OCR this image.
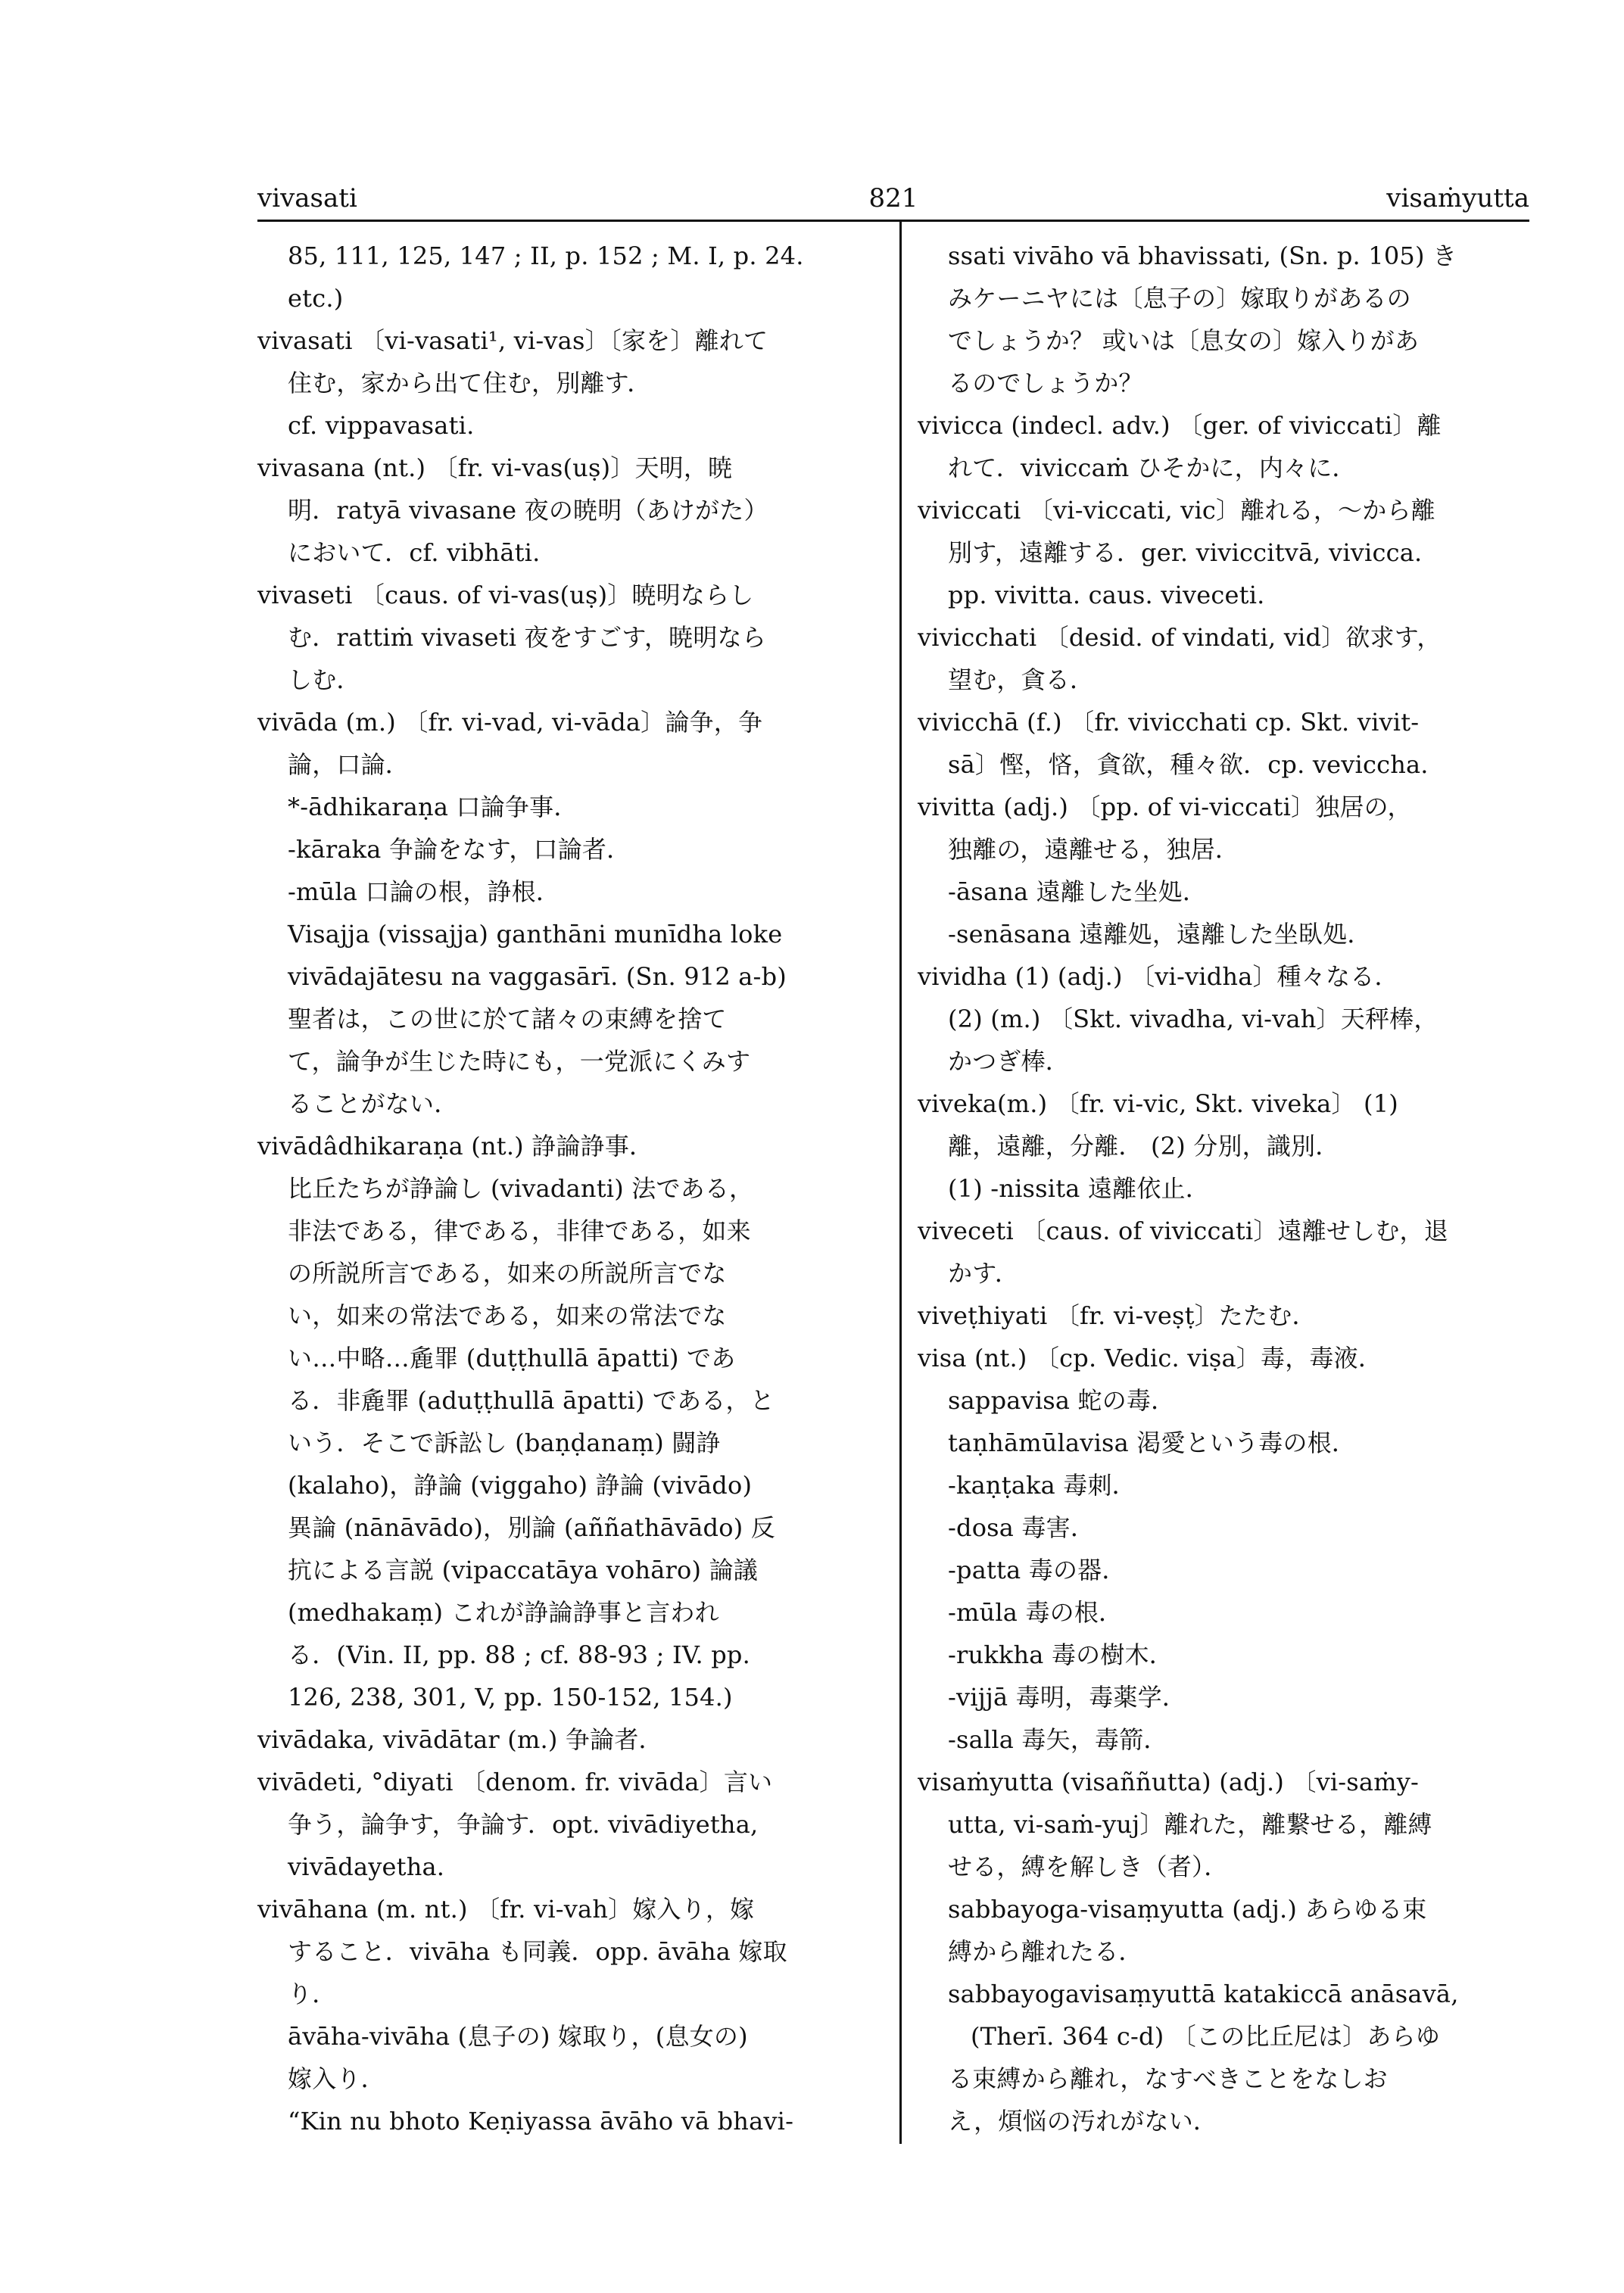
vivasati	821	visaṁyutta
85, 111, 125, 147 ; II, p. 152 ; M. I, p. 24.
etc.)
vivasati 〔vi-vasati¹, vi-vas〕〔家を〕離れて
住む，家から出て住む，別離す．
cf. vippavasati.
vivasana (nt.) 〔fr. vi-vas(uṣ)〕天明，暁
明．ratyā vivasane 夜の暁明（あけがた）
において．cf. vibhāti.
vivaseti 〔caus. of vi-vas(uṣ)〕暁明ならし
む．rattiṁ vivaseti 夜をすごす，暁明なら
しむ．
vivāda (m.) 〔fr. vi-vad, vi-vāda〕論争，争
論，口論．
*-ādhikaraṇa 口論争事．
-kāraka 争論をなす，口論者．
-mūla 口論の根，諍根．
Visajja (vissajja) ganthāni munīdha loke
vivādajātesu na vaggasārī. (Sn. 912 a-b)
聖者は，この世に於て諸々の束縛を捨て
て，論争が生じた時にも，一党派にくみす
ることがない．
vivādâdhikaraṇa (nt.) 諍論諍事．
比丘たちが諍論し (vivadanti) 法である，
非法である，律である，非律である，如来
の所説所言である，如来の所説所言でな
い，如来の常法である，如来の常法でな
い…中略…麁罪 (duṭṭhullā āpatti) であ
る．非麁罪 (aduṭṭhullā āpatti) である，と
いう．そこで訴訟し (baṇḍanaṃ) 闘諍
(kalaho)，諍論 (viggaho) 諍論 (vivādo)
異論 (nānāvādo)，別論 (aññathāvādo) 反
抗による言説 (vipaccatāya vohāro) 論議
(medhakaṃ) これが諍論諍事と言われ
る．(Vin. II, pp. 88 ; cf. 88-93 ; IV. pp.
126, 238, 301, V, pp. 150-152, 154.)
vivādaka, vivādātar (m.) 争論者．
vivādeti, °diyati 〔denom. fr. vivāda〕言い
争う，論争す，争論す．opt. vivādiyetha,
vivādayetha.
vivāhana (m. nt.) 〔fr. vi-vah〕嫁入り，嫁
すること．vivāha も同義．opp. āvāha 嫁取
り．
āvāha-vivāha (息子の) 嫁取り，(息女の)
嫁入り．
“Kin nu bhoto Keṇiyassa āvāho vā bhavi-
ssati vivāho vā bhavissati, (Sn. p. 105) き
みケーニヤには〔息子の〕嫁取りがあるの
でしょうか？ 或いは〔息女の〕嫁入りがあ
るのでしょうか？
vivicca (indecl. adv.) 〔ger. of viviccati〕離
れて．viviccaṁ ひそかに，内々に．
viviccati 〔vi-viccati, vic〕離れる，〜から離
別す，遠離する．ger. viviccitvā, vivicca.
pp. vivitta. caus. viveceti.
vivicchati 〔desid. of vindati, vid〕欲求す，
望む，貪る．
vivicchā (f.) 〔fr. vivicchati cp. Skt. vivit-
sā〕慳，悋，貪欲，種々欲．cp. veviccha.
vivitta (adj.) 〔pp. of vi-viccati〕独居の，
独離の，遠離せる，独居．
-āsana 遠離した坐処．
-senāsana 遠離処，遠離した坐臥処．
vividha (1) (adj.) 〔vi-vidha〕種々なる．
(2) (m.) 〔Skt. vivadha, vi-vah〕天秤棒，
かつぎ棒．
viveka(m.) 〔fr. vi-vic, Skt. viveka〕 (1)
離，遠離，分離． (2) 分別，識別．
(1) -nissita 遠離依止．
viveceti 〔caus. of viviccati〕遠離せしむ，退
かす．
viveṭhiyati 〔fr. vi-veṣṭ〕たたむ．
visa (nt.) 〔cp. Vedic. viṣa〕毒，毒液．
sappavisa 蛇の毒．
taṇhāmūlavisa 渇愛という毒の根．
-kaṇṭaka 毒刺．
-dosa 毒害．
-patta 毒の器．
-mūla 毒の根．
-rukkha 毒の樹木．
-vijjā 毒明，毒薬学．
-salla 毒矢，毒箭．
visaṁyutta (visaññutta) (adj.) 〔vi-saṁy-
utta, vi-saṁ-yuj〕離れた，離繋せる，離縛
せる，縛を解しき（者）．
sabbayoga-visaṃyutta (adj.) あらゆる束
縛から離れたる．
sabbayogavisaṃyuttā katakiccā anāsavā,
(Therī. 364 c-d) 〔この比丘尼は〕あらゆ
る束縛から離れ，なすべきことをなしお
え，煩悩の汚れがない．
